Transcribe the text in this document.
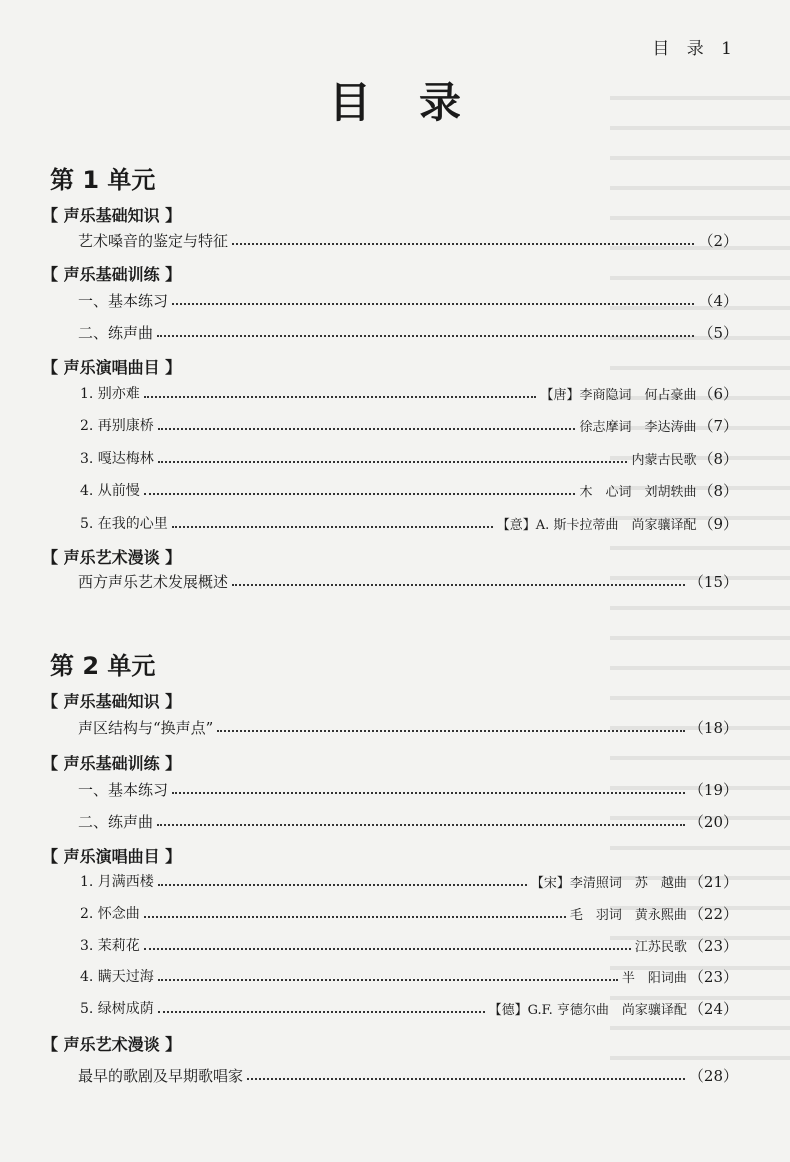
目 录 1
目录
第 1 单元
【 声乐基础知识 】
艺术嗓音的鉴定与特征	（2）
【 声乐基础训练 】
一、基本练习	（4）
二、练声曲	（5）
【 声乐演唱曲目 】
1. 别亦难	【唐】李商隐词　何占豪曲 （6）
2. 再别康桥	徐志摩词　李达涛曲 （7）
3. 嘎达梅林	内蒙古民歌 （8）
4. 从前慢	木　心词　刘胡轶曲 （8）
5. 在我的心里	【意】A. 斯卡拉蒂曲　尚家骧译配 （9）
【 声乐艺术漫谈 】
西方声乐艺术发展概述	（15）
第 2 单元
【 声乐基础知识 】
声区结构与“换声点”	（18）
【 声乐基础训练 】
一、基本练习	（19）
二、练声曲	（20）
【 声乐演唱曲目 】
1. 月满西楼	【宋】李清照词　苏　越曲 （21）
2. 怀念曲	毛　羽词　黄永熙曲 （22）
3. 茉莉花	江苏民歌 （23）
4. 瞒天过海	半　阳词曲 （23）
5. 绿树成荫	【德】G.F. 亨德尔曲　尚家骧译配 （24）
【 声乐艺术漫谈 】
最早的歌剧及早期歌唱家	（28）
